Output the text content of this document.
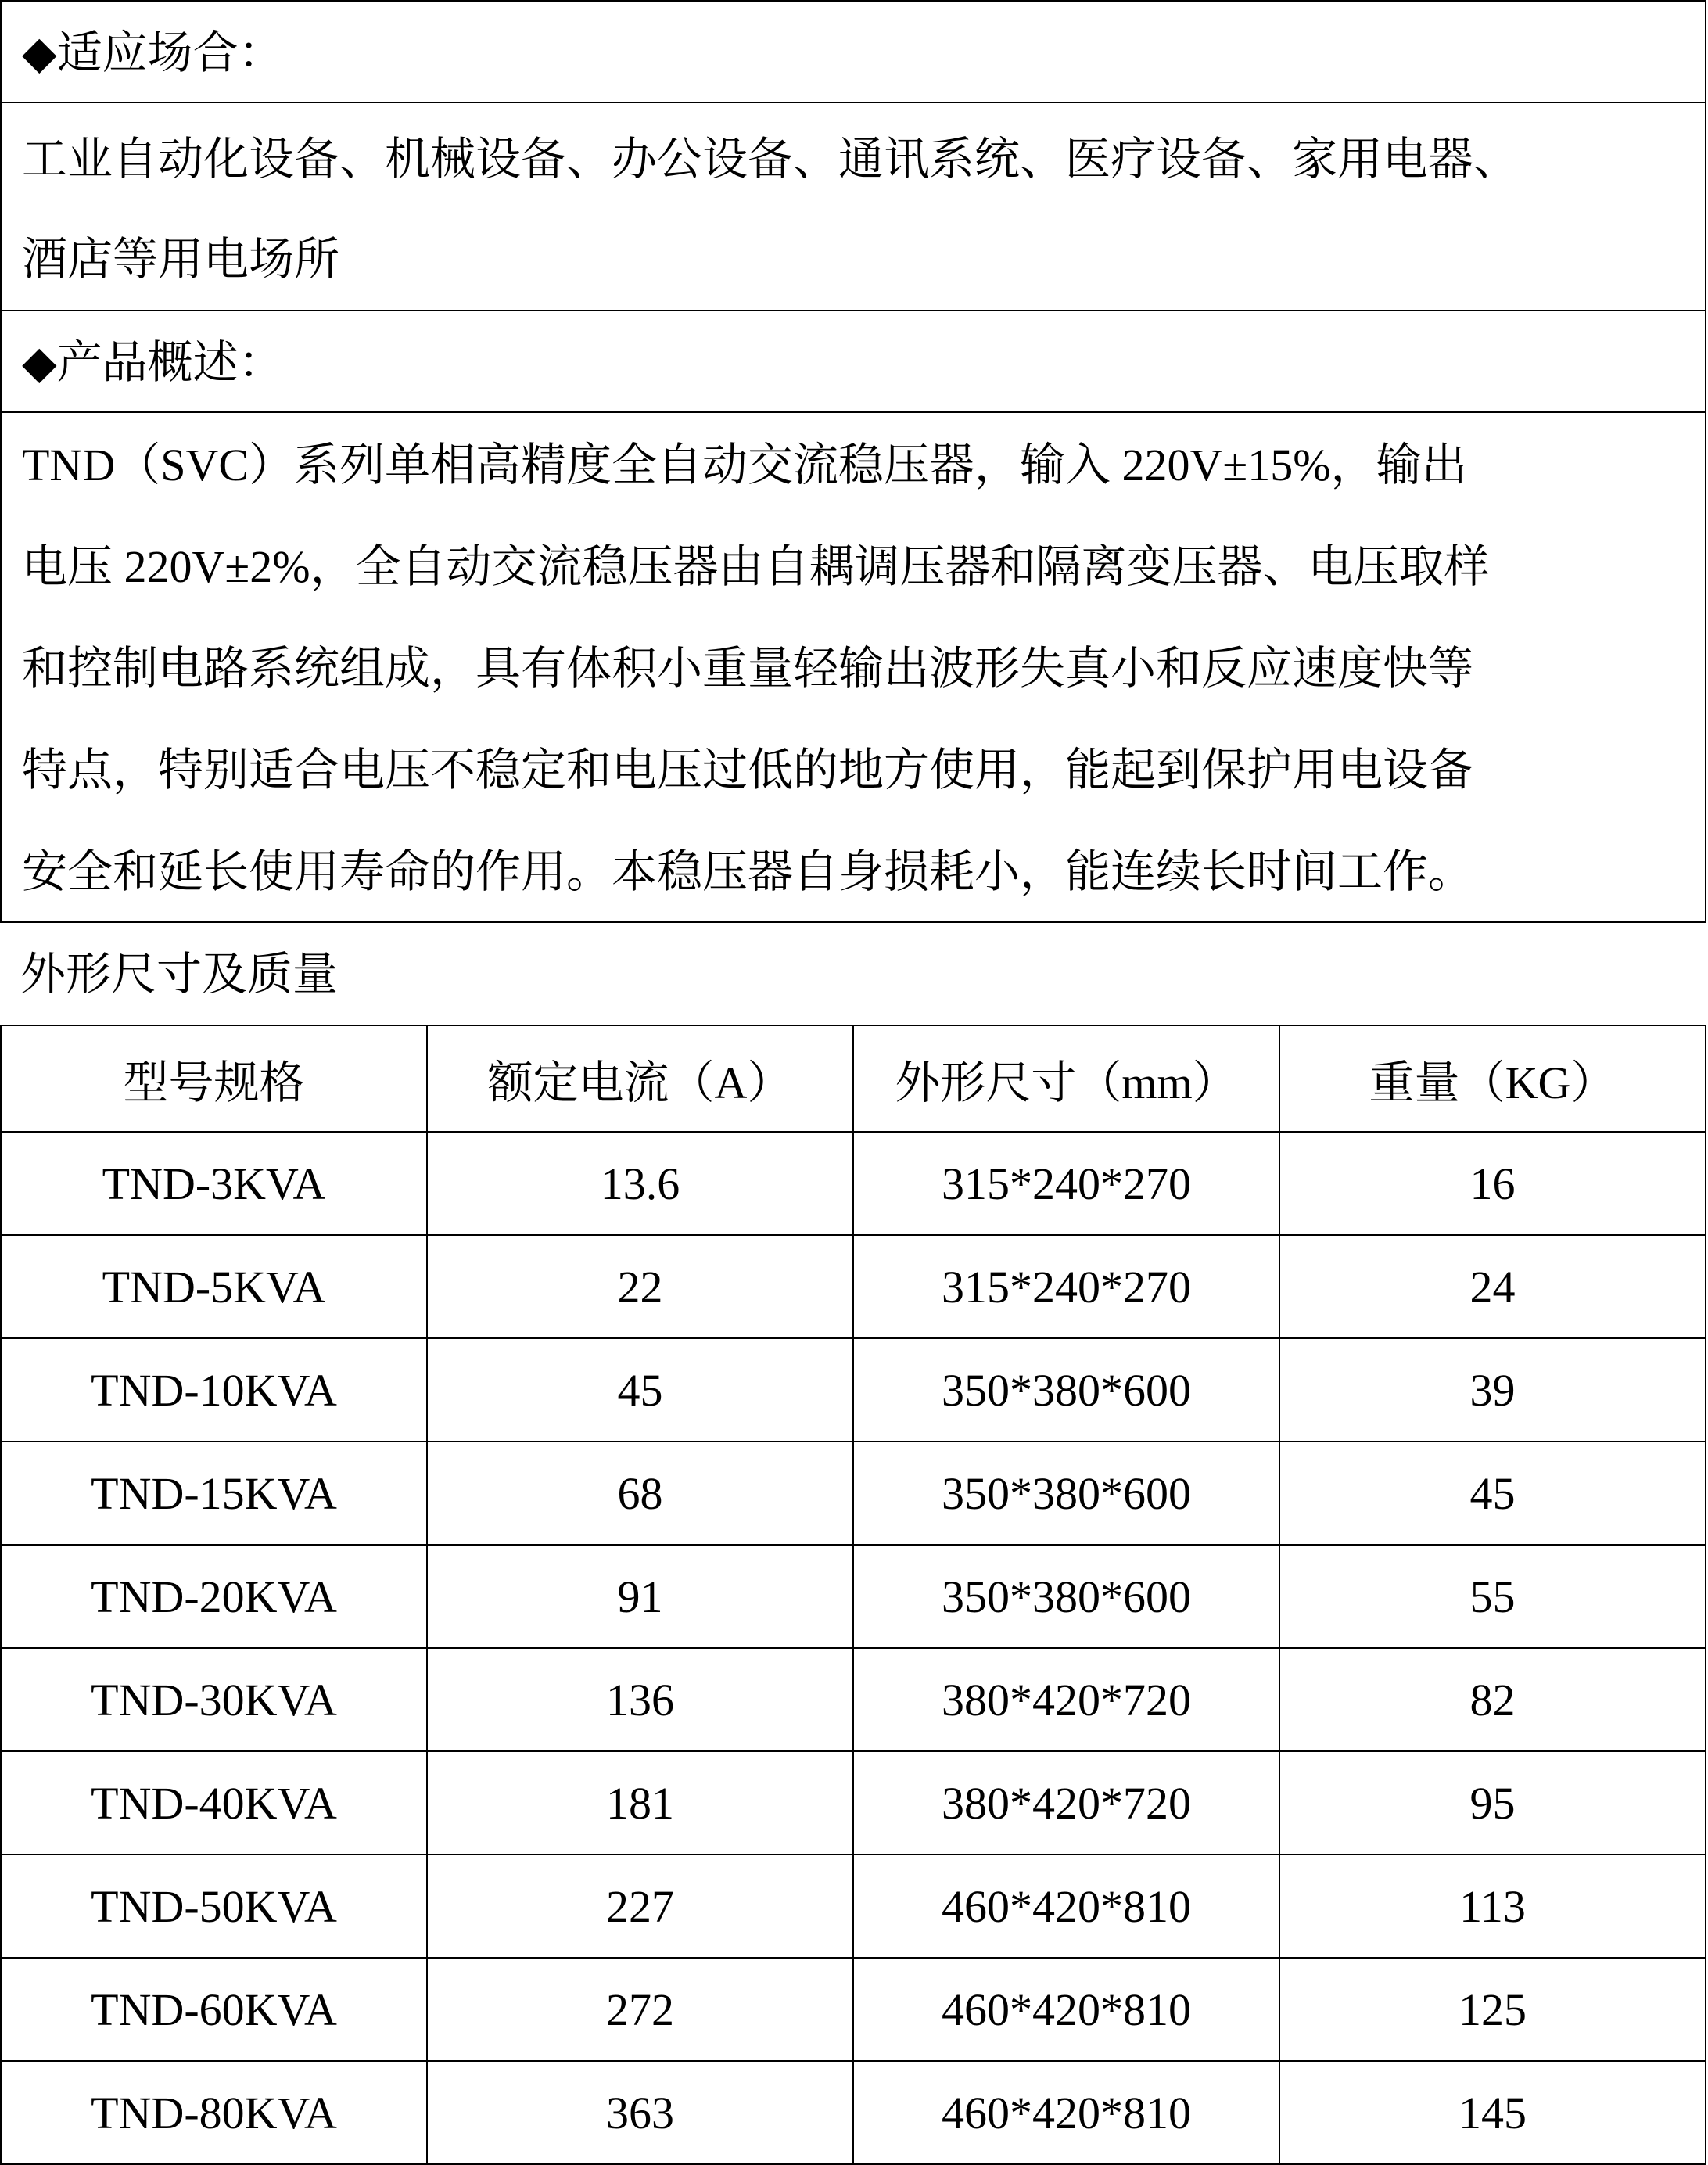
◆适应场合：
工业自动化设备、机械设备、办公设备、通讯系统、医疗设备、家用电器、
酒店等用电场所
◆产品概述：
TND（SVC）系列单相高精度全自动交流稳压器，输入 220V±15%，输出
电压 220V±2%，全自动交流稳压器由自耦调压器和隔离变压器、电压取样
和控制电路系统组成，具有体积小重量轻输出波形失真小和反应速度快等
特点，特别适合电压不稳定和电压过低的地方使用，能起到保护用电设备
安全和延长使用寿命的作用。本稳压器自身损耗小，能连续长时间工作。
外形尺寸及质量
型号规格	额定电流（A）	外形尺寸（mm）	重量（KG）
TND-3KVA	13.6	315*240*270	16
TND-5KVA	22	315*240*270	24
TND-10KVA	45	350*380*600	39
TND-15KVA	68	350*380*600	45
TND-20KVA	91	350*380*600	55
TND-30KVA	136	380*420*720	82
TND-40KVA	181	380*420*720	95
TND-50KVA	227	460*420*810	113
TND-60KVA	272	460*420*810	125
TND-80KVA	363	460*420*810	145
